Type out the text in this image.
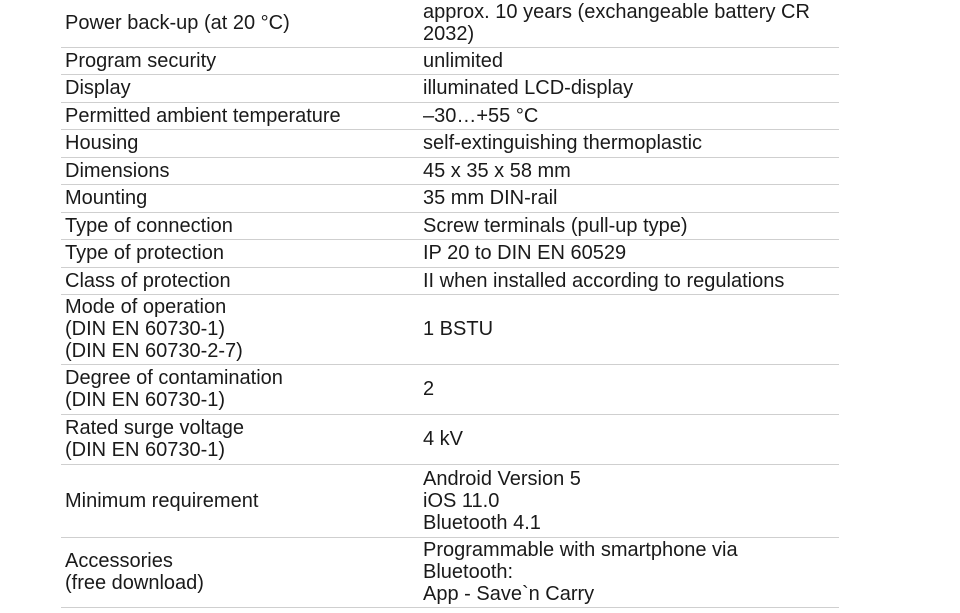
Power back-up (at 20 °C)	approx. 10 years (exchangeable battery CR
2032)
Program security	unlimited
Display	illuminated LCD-display
Permitted ambient temperature	–30…+55 °C
Housing	self-extinguishing thermoplastic
Dimensions	45 x 35 x 58 mm
Mounting	35 mm DIN-rail
Type of connection	Screw terminals (pull-up type)
Type of protection	IP 20 to DIN EN 60529
Class of protection	II when installed according to regulations
Mode of operation
(DIN EN 60730-1)
(DIN EN 60730-2-7)	1 BSTU
Degree of contamination
(DIN EN 60730-1)	2
Rated surge voltage
(DIN EN 60730-1)	4 kV
Minimum requirement	Android Version 5
iOS 11.0
Bluetooth 4.1
Accessories
(free download)	Programmable with smartphone via
Bluetooth:
App - Save`n Carry
